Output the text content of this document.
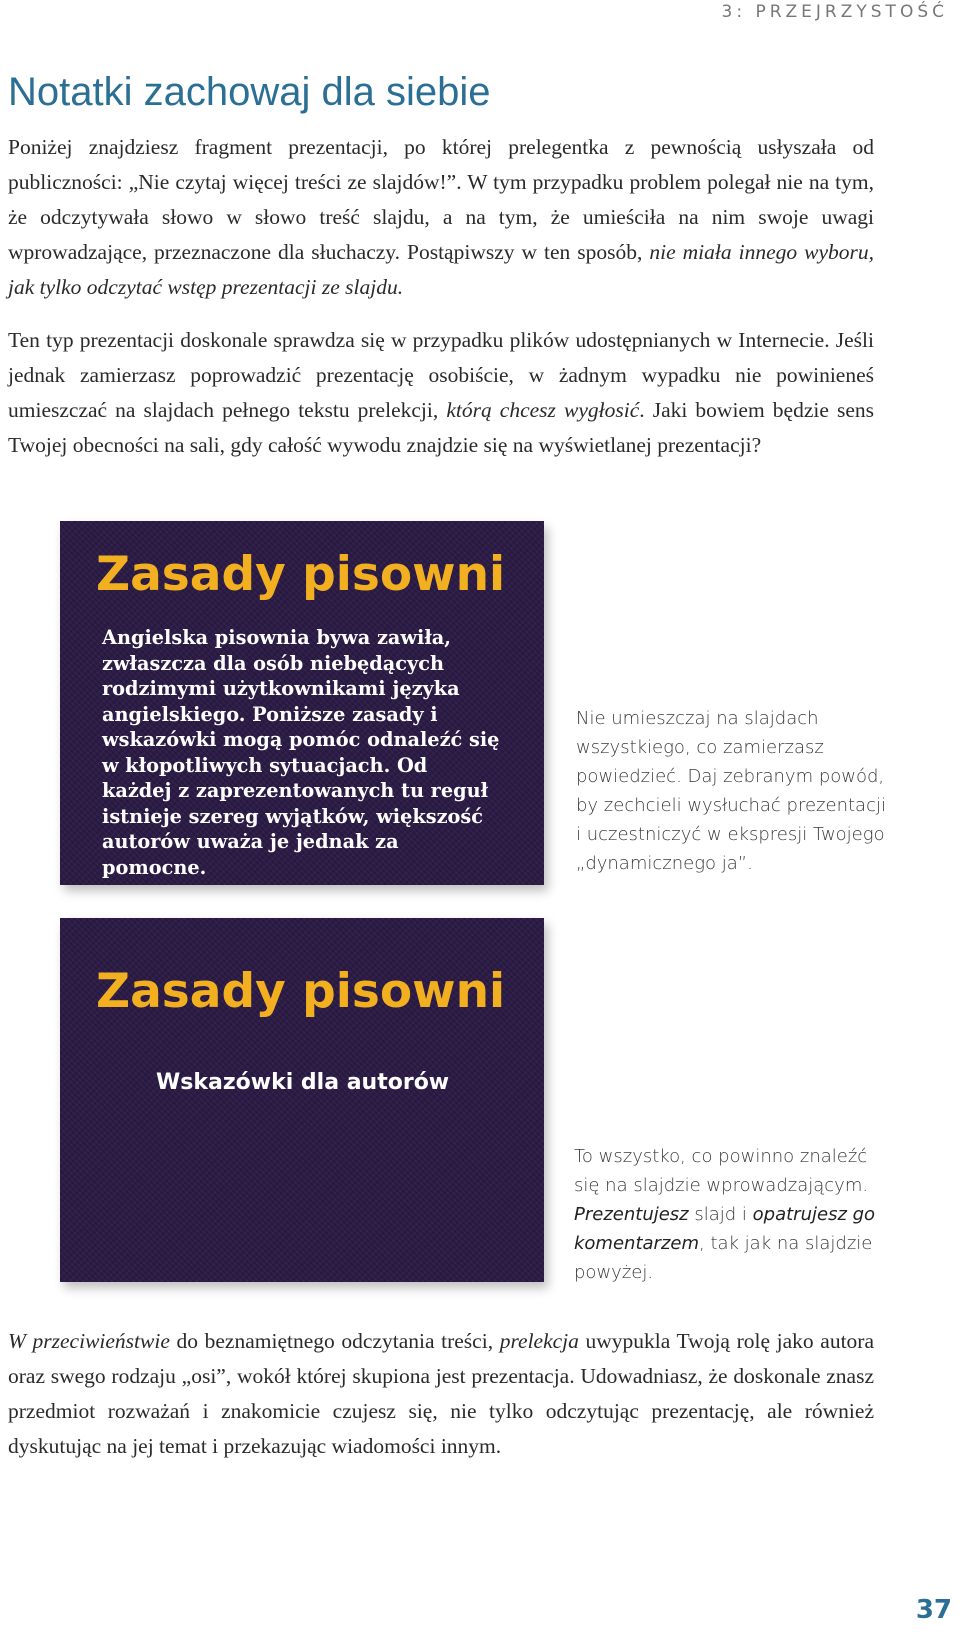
3: PRZEJRZYSTOŚĆ
Notatki zachowaj dla siebie
Poniżej znajdziesz fragment prezentacji, po której prelegentka z pewnością usłyszała od publiczności: „Nie czytaj więcej treści ze slajdów!”. W tym przypadku problem polegał nie na tym, że odczytywała słowo w słowo treść slajdu, a na tym, że umieściła na nim swoje uwagi wprowadzające, przeznaczone dla słuchaczy. Postąpiwszy w ten sposób, nie miała innego wyboru, jak tylko odczytać wstęp prezentacji ze slajdu.
Ten typ prezentacji doskonale sprawdza się w przypadku plików udostępnianych w Internecie. Jeśli jednak zamierzasz poprowadzić prezentację osobiście, w żadnym wypadku nie powinieneś umieszczać na slajdach pełnego tekstu prelekcji, którą chcesz wygłosić. Jaki bowiem będzie sens Twojej obecności na sali, gdy całość wywodu znajdzie się na wyświetlanej prezentacji?
Zasady pisowni
Angielska pisownia bywa zawiła, zwłaszcza dla osób niebędących rodzimymi użytkownikami języka angielskiego. Poniższe zasady i wskazówki mogą pomóc odnaleźć się w kłopotliwych sytuacjach. Od każdej z zaprezentowanych tu reguł istnieje szereg wyjątków, większość autorów uważa je jednak za pomocne.
Nie umieszczaj na slajdach wszystkiego, co zamierzasz powiedzieć. Daj zebranym powód, by zechcieli wysłuchać prezentacji i uczestniczyć w ekspresji Twojego „dynamicznego ja”.
Zasady pisowni
Wskazówki dla autorów
To wszystko, co powinno znaleźć się na slajdzie wprowadzającym. Prezentujesz slajd i opatrujesz go komentarzem, tak jak na slajdzie powyżej.
W przeciwieństwie do beznamiętnego odczytania treści, prelekcja uwypukla Twoją rolę jako autora oraz swego rodzaju „osi”, wokół której skupiona jest prezentacja. Udowadniasz, że doskonale znasz przedmiot rozważań i znakomicie czujesz się, nie tylko odczytując prezentację, ale również dyskutując na jej temat i przekazując wiadomości innym.
37
